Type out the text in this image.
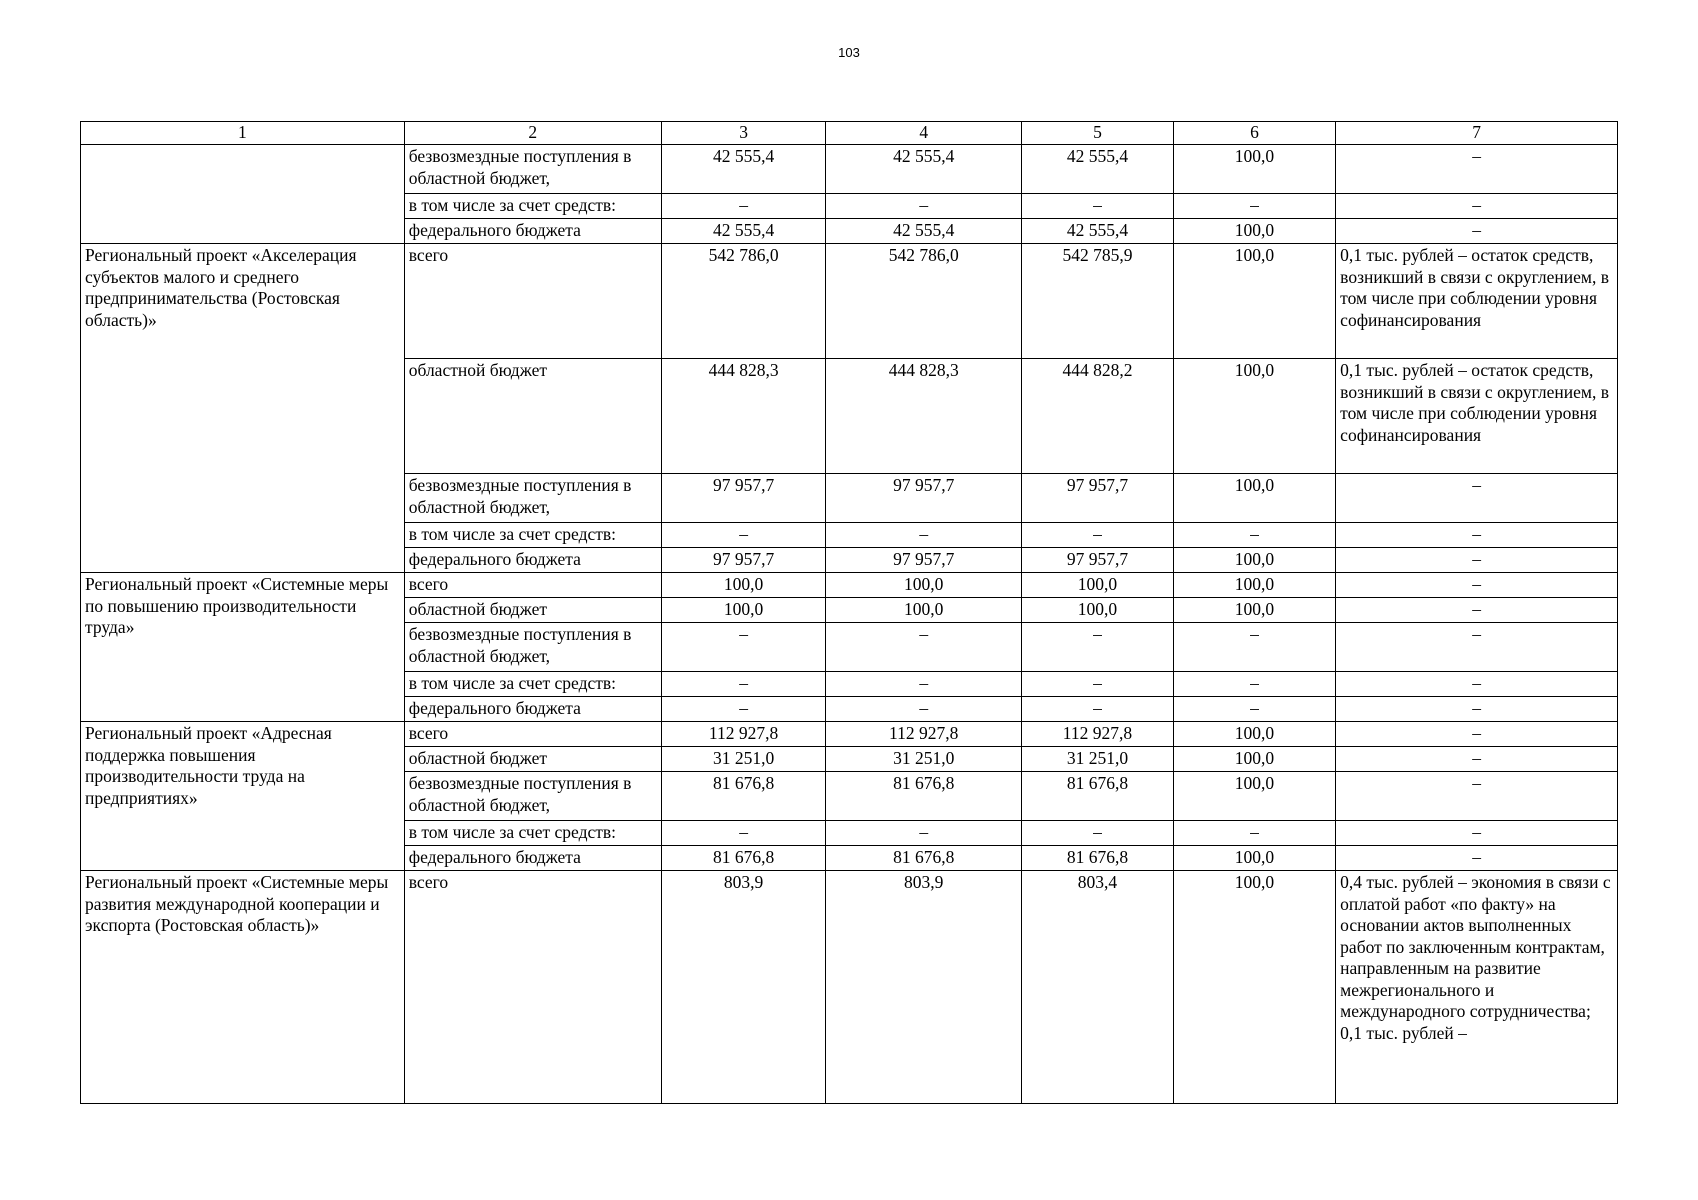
103
1	2	3	4	5	6	7
	безвозмездные поступления в областной бюджет,	42 555,4	42 555,4	42 555,4	100,0	–
	в том числе за счет средств:	–	–	–	–	–
	федерального бюджета	42 555,4	42 555,4	42 555,4	100,0	–
Региональный проект «Акселерация субъектов малого и среднего предпринимательства (Ростовская область)»	всего	542 786,0	542 786,0	542 785,9	100,0	0,1 тыс. рублей – остаток средств, возникший в связи с округлением, в том числе при соблюдении уровня софинансирования
	областной бюджет	444 828,3	444 828,3	444 828,2	100,0	0,1 тыс. рублей – остаток средств, возникший в связи с округлением, в том числе при соблюдении уровня софинансирования
	безвозмездные поступления в областной бюджет,	97 957,7	97 957,7	97 957,7	100,0	–
	в том числе за счет средств:	–	–	–	–	–
	федерального бюджета	97 957,7	97 957,7	97 957,7	100,0	–
Региональный проект «Системные меры по повышению производительности труда»	всего	100,0	100,0	100,0	100,0	–
	областной бюджет	100,0	100,0	100,0	100,0	–
	безвозмездные поступления в областной бюджет,	–	–	–	–	–
	в том числе за счет средств:	–	–	–	–	–
	федерального бюджета	–	–	–	–	–
Региональный проект «Адресная поддержка повышения производительности труда на предприятиях»	всего	112 927,8	112 927,8	112 927,8	100,0	–
	областной бюджет	31 251,0	31 251,0	31 251,0	100,0	–
	безвозмездные поступления в областной бюджет,	81 676,8	81 676,8	81 676,8	100,0	–
	в том числе за счет средств:	–	–	–	–	–
	федерального бюджета	81 676,8	81 676,8	81 676,8	100,0	–
Региональный проект «Системные меры развития международной кооперации и экспорта (Ростовская область)»	всего	803,9	803,9	803,4	100,0	0,4 тыс. рублей – экономия в связи с оплатой работ «по факту» на основании актов выполненных работ по заключенным контрактам, направленным на развитие межрегионального и международного сотрудничества; 0,1 тыс. рублей –
